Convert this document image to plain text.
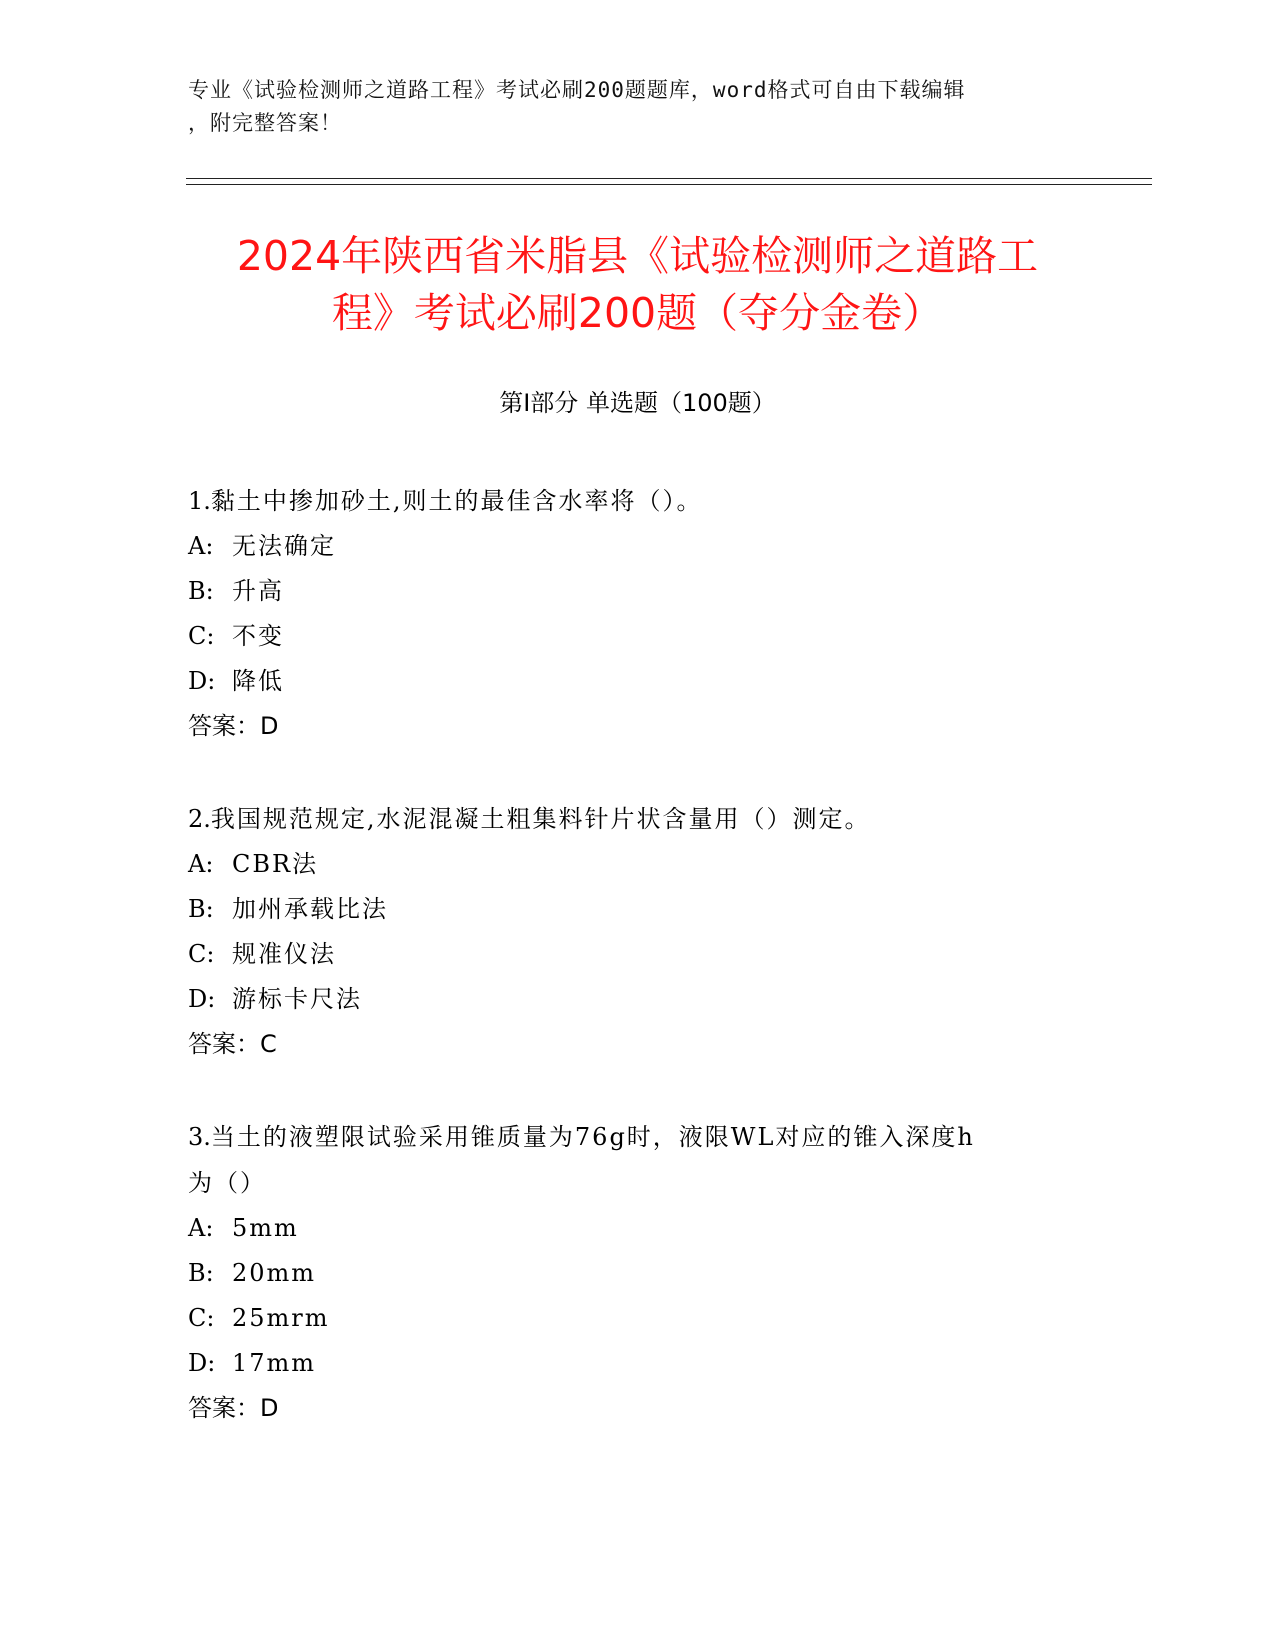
专业《试验检测师之道路工程》考试必刷200题题库，word格式可自由下载编辑
，附完整答案！
2024年陕西省米脂县《试验检测师之道路工
程》考试必刷200题（夺分金卷）
第Ⅰ部分 单选题（100题）
1.黏土中掺加砂土,则土的最佳含水率将（）。
A: 无法确定
B: 升高
C: 不变
D: 降低
答案：D
2.我国规范规定,水泥混凝土粗集料针片状含量用（）测定。
A: CBR法
B: 加州承载比法
C: 规准仪法
D: 游标卡尺法
答案：C
3.当土的液塑限试验采用锥质量为76g时，液限WL对应的锥入深度h
为（）
A: 5mm
B: 20mm
C: 25mrm
D: 17mm
答案：D
